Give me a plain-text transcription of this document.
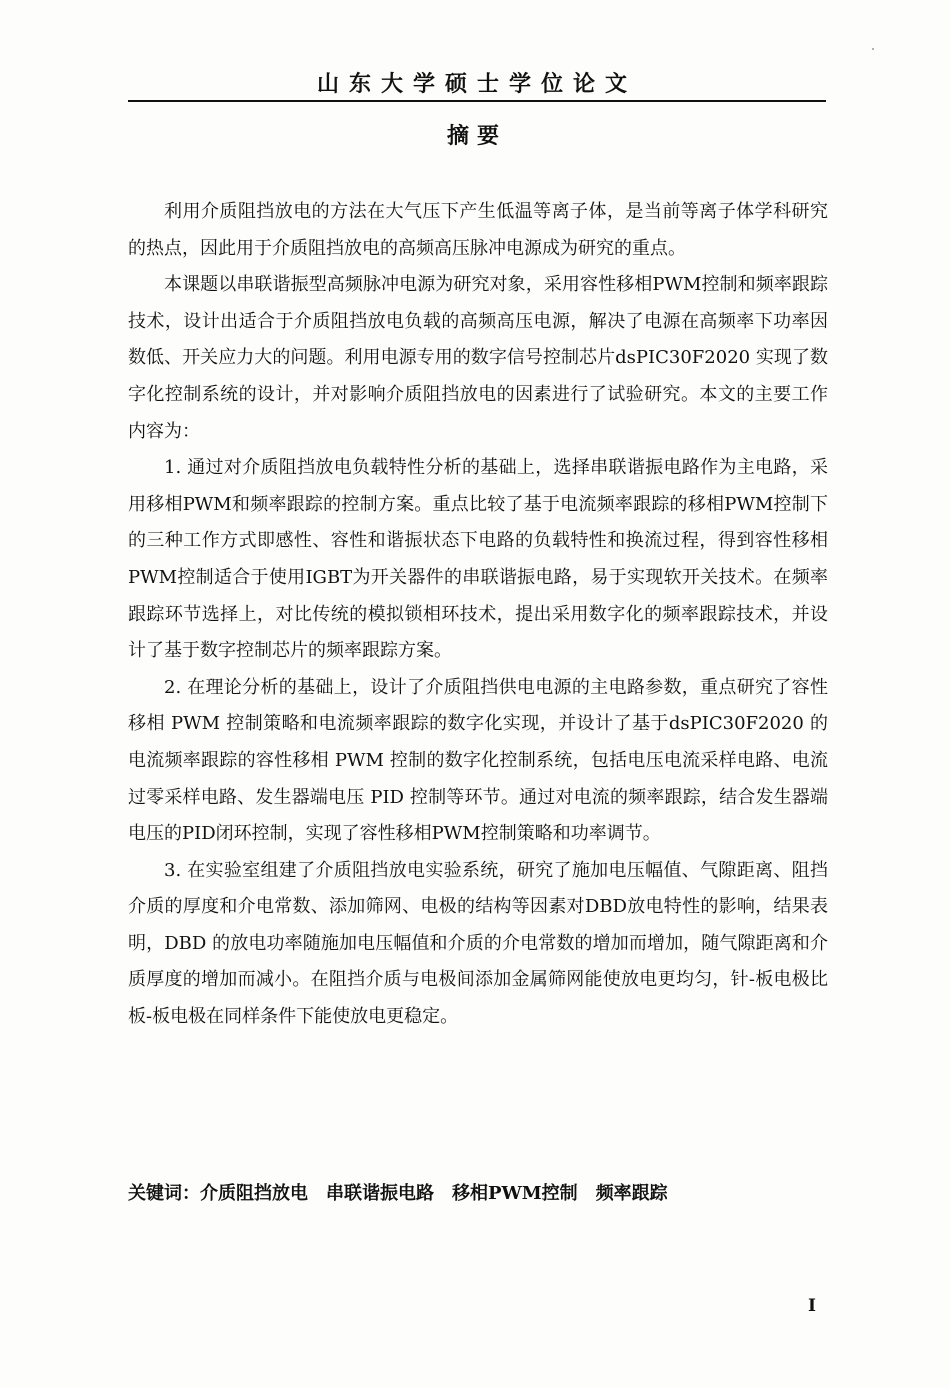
山东大学硕士学位论文
摘要

利用介质阻挡放电的方法在大气压下产生低温等离子体，是当前等离子体学科研究的热点，因此用于介质阻挡放电的高频高压脉冲电源成为研究的重点。

本课题以串联谐振型高频脉冲电源为研究对象，采用容性移相PWM控制和频率跟踪技术，设计出适合于介质阻挡放电负载的高频高压电源，解决了电源在高频率下功率因数低、开关应力大的问题。利用电源专用的数字信号控制芯片dsPIC30F2020 实现了数字化控制系统的设计，并对影响介质阻挡放电的因素进行了试验研究。本文的主要工作内容为：

1. 通过对介质阻挡放电负载特性分析的基础上，选择串联谐振电路作为主电路，采用移相PWM和频率跟踪的控制方案。重点比较了基于电流频率跟踪的移相PWM控制下的三种工作方式即感性、容性和谐振状态下电路的负载特性和换流过程，得到容性移相PWM控制适合于使用IGBT为开关器件的串联谐振电路，易于实现软开关技术。在频率跟踪环节选择上，对比传统的模拟锁相环技术，提出采用数字化的频率跟踪技术，并设计了基于数字控制芯片的频率跟踪方案。

2. 在理论分析的基础上，设计了介质阻挡供电电源的主电路参数，重点研究了容性移相 PWM 控制策略和电流频率跟踪的数字化实现，并设计了基于dsPIC30F2020 的电流频率跟踪的容性移相 PWM 控制的数字化控制系统，包括电压电流采样电路、电流过零采样电路、发生器端电压 PID 控制等环节。通过对电流的频率跟踪，结合发生器端电压的PID闭环控制，实现了容性移相PWM控制策略和功率调节。

3. 在实验室组建了介质阻挡放电实验系统，研究了施加电压幅值、气隙距离、阻挡介质的厚度和介电常数、添加筛网、电极的结构等因素对DBD放电特性的影响，结果表明，DBD 的放电功率随施加电压幅值和介质的介电常数的增加而增加，随气隙距离和介质厚度的增加而减小。在阻挡介质与电极间添加金属筛网能使放电更均匀，针-板电极比板-板电极在同样条件下能使放电更稳定。

关键词：介质阻挡放电 串联谐振电路 移相PWM控制 频率跟踪
I
